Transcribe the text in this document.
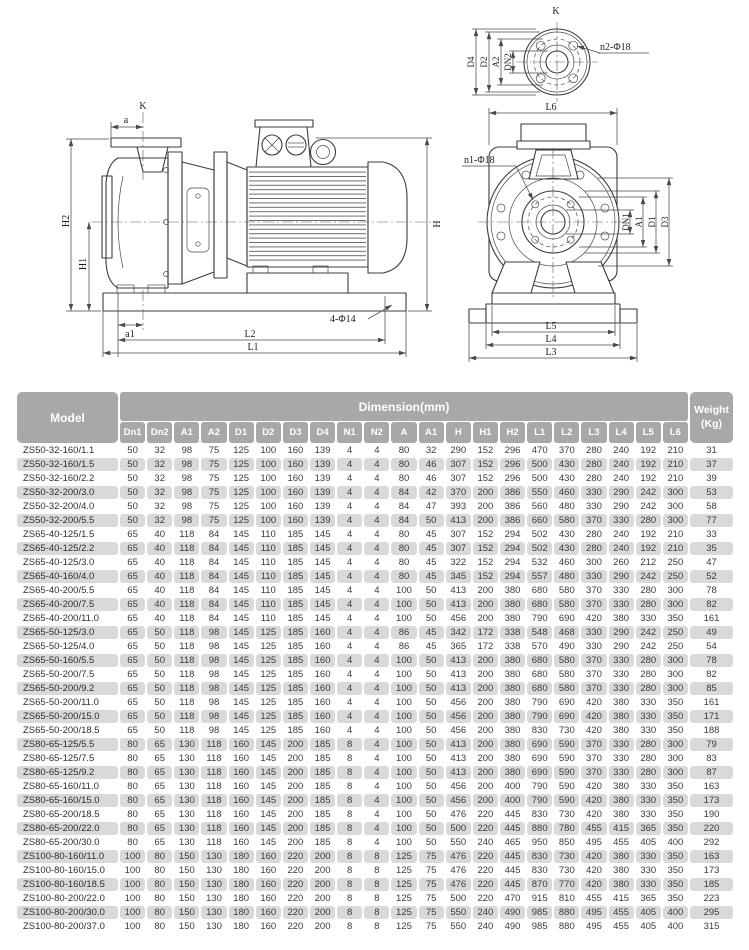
K
a
H2
H1
a1	L2
L1
H
4-Φ14
K
D4 D2 A2 DN2
n2-Φ18
L6
n1-Φ18
DN1 A1 D1 D3
L5
L4
L3
Model	Dimension(mm)																					Weight
(Kg)
	Dn1	Dn2	A1	A2	D1	D2	D3	D4	N1	N2	A	A1	H	H1	H2	L1	L2	L3	L4	L5	L6	
ZS50-32-160/1.1	50	32	98	75	125	100	160	139	4	4	80	32	290	152	296	470	370	280	240	192	210	31
ZS50-32-160/1.5	50	32	98	75	125	100	160	139	4	4	80	46	307	152	296	500	430	280	240	192	210	37
ZS50-32-160/2.2	50	32	98	75	125	100	160	139	4	4	80	46	307	152	296	500	430	280	240	192	210	39
ZS50-32-200/3.0	50	32	98	75	125	100	160	139	4	4	84	42	370	200	386	550	460	330	290	242	300	53
ZS50-32-200/4.0	50	32	98	75	125	100	160	139	4	4	84	47	393	200	386	560	480	330	290	242	300	58
ZS50-32-200/5.5	50	32	98	75	125	100	160	139	4	4	84	50	413	200	386	660	580	370	330	280	300	77
ZS65-40-125/1.5	65	40	118	84	145	110	185	145	4	4	80	45	307	152	294	502	430	280	240	192	210	33
ZS65-40-125/2.2	65	40	118	84	145	110	185	145	4	4	80	45	307	152	294	502	430	280	240	192	210	35
ZS65-40-125/3.0	65	40	118	84	145	110	185	145	4	4	80	45	322	152	294	532	460	300	260	212	250	47
ZS65-40-160/4.0	65	40	118	84	145	110	185	145	4	4	80	45	345	152	294	557	480	330	290	242	250	52
ZS65-40-200/5.5	65	40	118	84	145	110	185	145	4	4	100	50	413	200	380	680	580	370	330	280	300	78
ZS65-40-200/7.5	65	40	118	84	145	110	185	145	4	4	100	50	413	200	380	680	580	370	330	280	300	82
ZS65-40-200/11.0	65	40	118	84	145	110	185	145	4	4	100	50	456	200	380	790	690	420	380	330	350	161
ZS65-50-125/3.0	65	50	118	98	145	125	185	160	4	4	86	45	342	172	338	548	468	330	290	242	250	49
ZS65-50-125/4.0	65	50	118	98	145	125	185	160	4	4	86	45	365	172	338	570	490	330	290	242	250	54
ZS65-50-160/5.5	65	50	118	98	145	125	185	160	4	4	100	50	413	200	380	680	580	370	330	280	300	78
ZS65-50-200/7.5	65	50	118	98	145	125	185	160	4	4	100	50	413	200	380	680	580	370	330	280	300	82
ZS65-50-200/9.2	65	50	118	98	145	125	185	160	4	4	100	50	413	200	380	680	580	370	330	280	300	85
ZS65-50-200/11.0	65	50	118	98	145	125	185	160	4	4	100	50	456	200	380	790	690	420	380	330	350	161
ZS65-50-200/15.0	65	50	118	98	145	125	185	160	4	4	100	50	456	200	380	790	690	420	380	330	350	171
ZS65-50-200/18.5	65	50	118	98	145	125	185	160	4	4	100	50	456	200	380	830	730	420	380	330	350	188
ZS80-65-125/5.5	80	65	130	118	160	145	200	185	8	4	100	50	413	200	380	690	590	370	330	280	300	79
ZS80-65-125/7.5	80	65	130	118	160	145	200	185	8	4	100	50	413	200	380	690	590	370	330	280	300	83
ZS80-65-125/9.2	80	65	130	118	160	145	200	185	8	4	100	50	413	200	380	690	590	370	330	280	300	87
ZS80-65-160/11.0	80	65	130	118	160	145	200	185	8	4	100	50	456	200	400	790	590	420	380	330	350	163
ZS80-65-160/15.0	80	65	130	118	160	145	200	185	8	4	100	50	456	200	400	790	590	420	380	330	350	173
ZS80-65-200/18.5	80	65	130	118	160	145	200	185	8	4	100	50	476	220	445	830	730	420	380	330	350	190
ZS80-65-200/22.0	80	65	130	118	160	145	200	185	8	4	100	50	500	220	445	880	780	455	415	365	350	220
ZS80-65-200/30.0	80	65	130	118	160	145	200	185	8	4	100	50	550	240	465	950	850	495	455	405	400	292
ZS100-80-160/11.0	100	80	150	130	180	160	220	200	8	8	125	75	476	220	445	830	730	420	380	330	350	163
ZS100-80-160/15.0	100	80	150	130	180	160	220	200	8	8	125	75	476	220	445	830	730	420	380	330	350	173
ZS100-80-160/18.5	100	80	150	130	180	160	220	200	8	8	125	75	476	220	445	870	770	420	380	330	350	185
ZS100-80-200/22.0	100	80	150	130	180	160	220	200	8	8	125	75	500	220	470	915	810	455	415	365	350	223
ZS100-80-200/30.0	100	80	150	130	180	160	220	200	8	8	125	75	550	240	490	985	880	495	455	405	400	295
ZS100-80-200/37.0	100	80	150	130	180	160	220	200	8	8	125	75	550	240	490	985	880	495	455	405	400	315
